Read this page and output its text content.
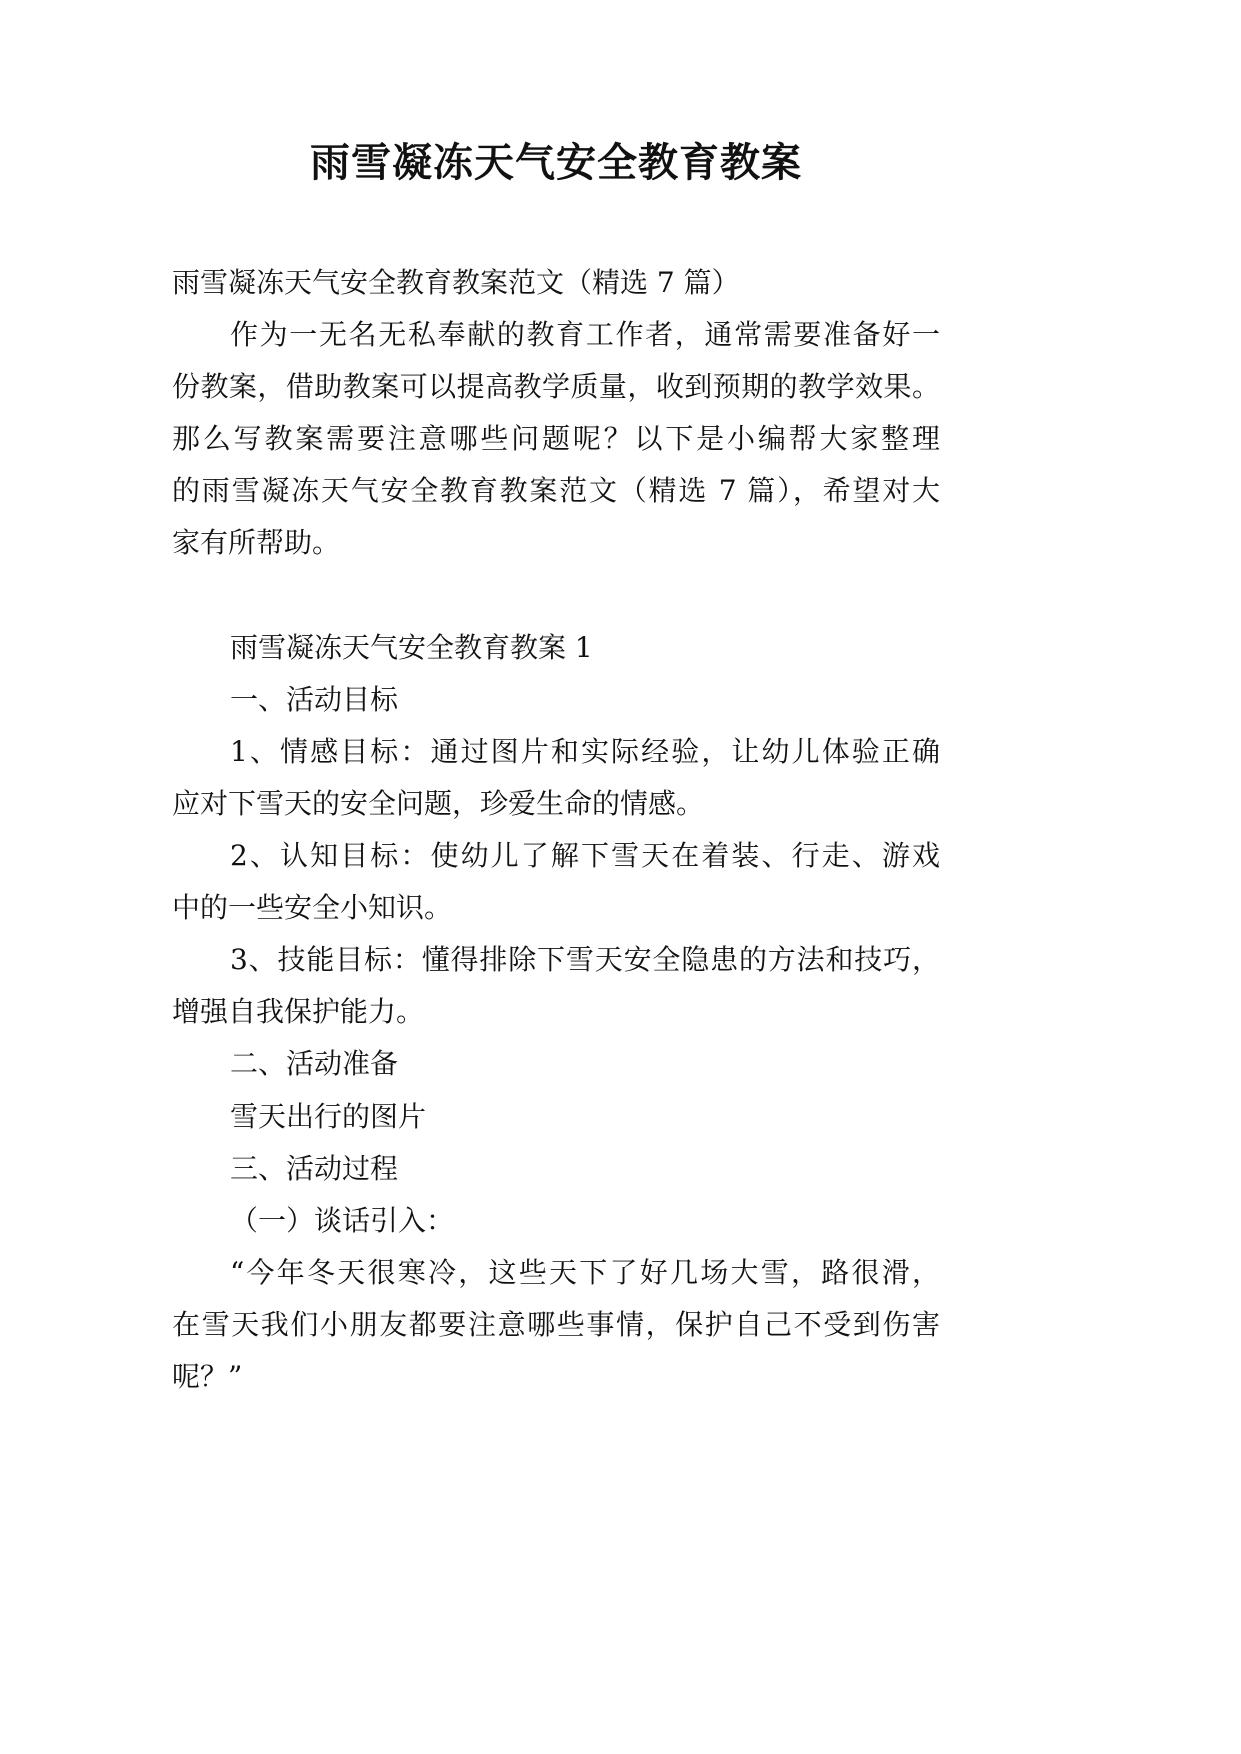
雨雪凝冻天气安全教育教案
雨雪凝冻天气安全教育教案范文（精选 7 篇）
作为一无名无私奉献的教育工作者，通常需要准备好一
份教案，借助教案可以提高教学质量，收到预期的教学效果。
那么写教案需要注意哪些问题呢？以下是小编帮大家整理
的雨雪凝冻天气安全教育教案范文（精选 7 篇），希望对大
家有所帮助。
雨雪凝冻天气安全教育教案 1
一、活动目标
1、情感目标：通过图片和实际经验，让幼儿体验正确
应对下雪天的安全问题，珍爱生命的情感。
2、认知目标：使幼儿了解下雪天在着装、行走、游戏
中的一些安全小知识。
3、技能目标：懂得排除下雪天安全隐患的方法和技巧，
增强自我保护能力。
二、活动准备
雪天出行的图片
三、活动过程
（一）谈话引入：
“今年冬天很寒冷，这些天下了好几场大雪，路很滑，
在雪天我们小朋友都要注意哪些事情，保护自己不受到伤害
呢？”
